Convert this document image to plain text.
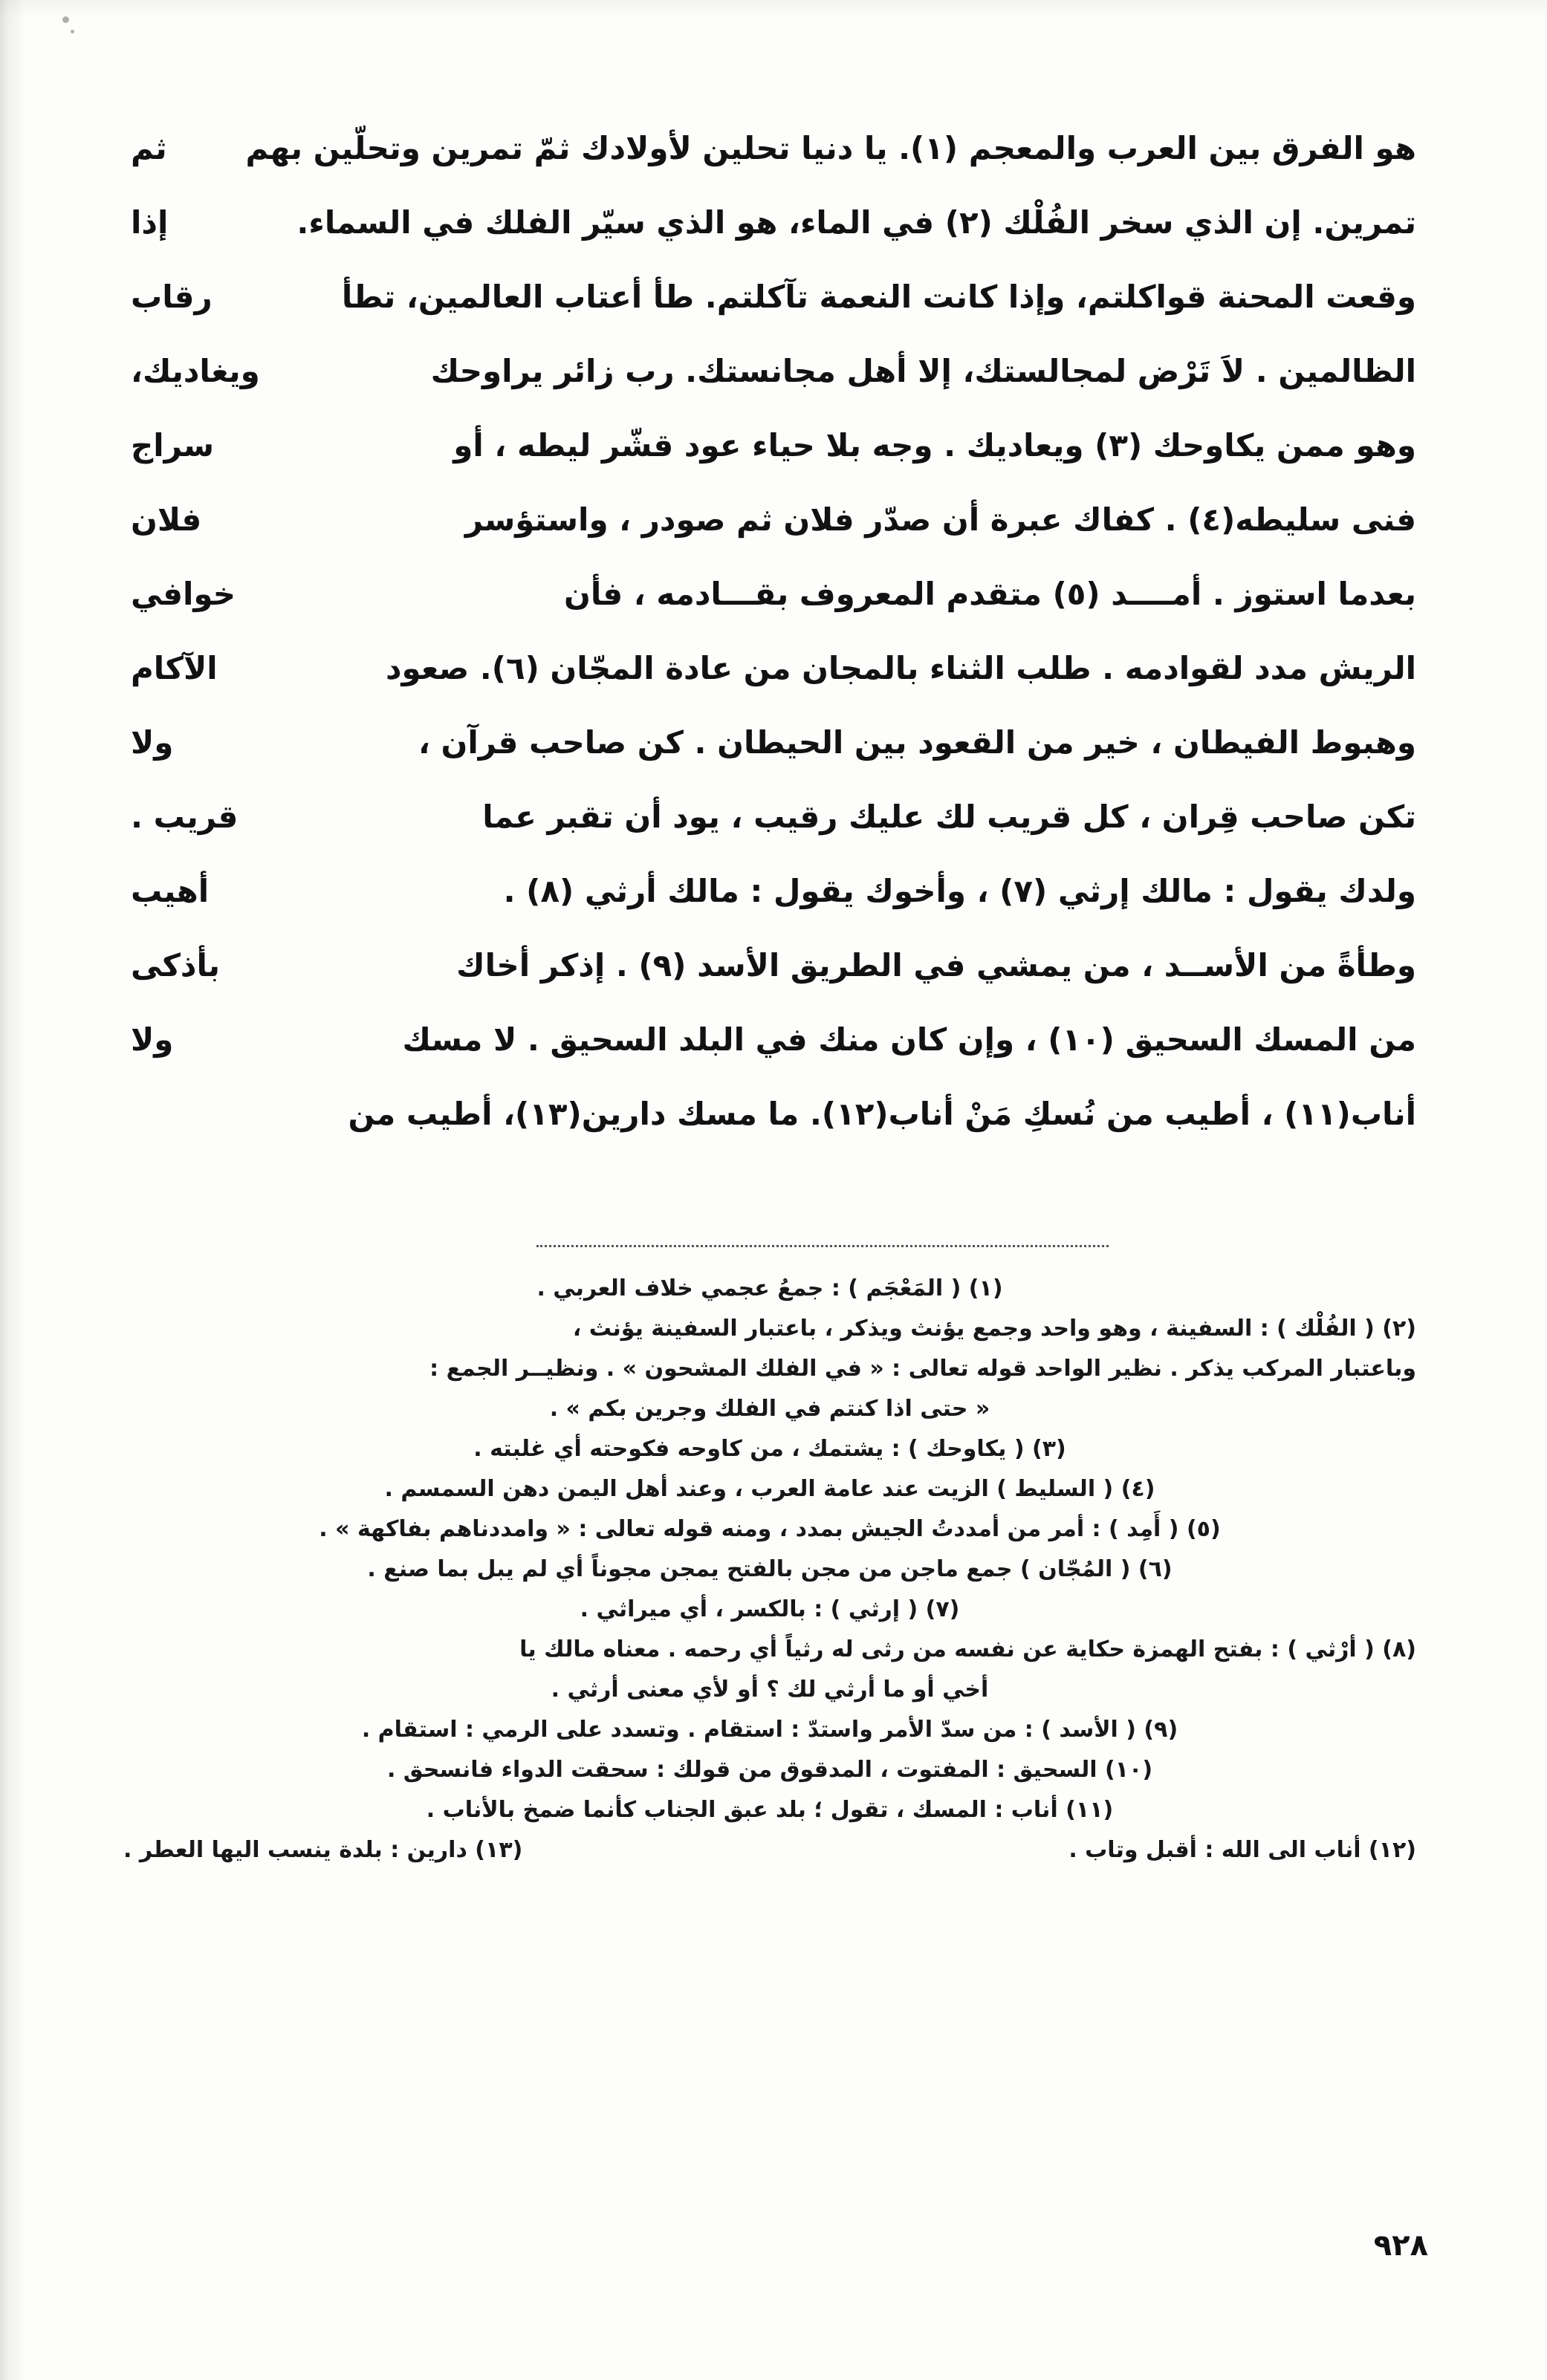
هو الفرق بين العرب والمعجم (١). يا دنيا تحلين لأولادك ثمّ تمرين وتحلّين بهم
ثم
تمرين. إن الذي سخر الفُلْك (٢) في الماء، هو الذي سيّر الفلك في السماء.
إذا
وقعت المحنة قواكلتم، وإذا كانت النعمة تآكلتم. طأ أعتاب العالمين، تطأ
رقاب
الظالمين . لاَ تَرْض لمجالستك، إلا أهل مجانستك. رب زائر يراوحك
ويغاديك،
وهو ممن يكاوحك (٣) ويعاديك . وجه بلا حياء عود قشّر ليطه ، أو
سراج
فنى سليطه(٤) . كفاك عبرة أن صدّر فلان ثم صودر ، واستؤسر
فلان
بعدما استوز . أمــــد (٥) متقدم المعروف بقـــادمه ، فأن
خوافي
الريش مدد لقوادمه . طلب الثناء بالمجان من عادة المجّان (٦). صعود
الآكام
وهبوط الفيطان ، خير من القعود بين الحيطان . كن صاحب قرآن ،
ولا
تكن صاحب قِران ، كل قريب لك عليك رقيب ، يود أن تقبر عما
قريب .
ولدك يقول : مالك إرثي (٧) ، وأخوك يقول : مالك أرثي (٨) .
أهيب
وطأةً من الأســد ، من يمشي في الطريق الأسد (٩) . إذكر أخاك
بأذكى
من المسك السحيق (١٠) ، وإن كان منك في البلد السحيق . لا مسك
ولا
أناب(١١) ، أطيب من نُسكِ مَنْ أناب(١٢). ما مسك دارين(١٣)، أطيب من
(١) ( المَعْجَم ) : جمعُ عجمي خلاف العربي .
(٢) ( الفُلْك ) : السفينة ، وهو واحد وجمع يؤنث ويذكر ، باعتبار السفينة يؤنث ،
وباعتبار المركب يذكر . نظير الواحد قوله تعالى : « في الفلك المشحون » . ونظيــر الجمع :
« حتى اذا كنتم في الفلك وجرين بكم » .
(٣) ( يكاوحك ) : يشتمك ، من كاوحه فكوحته أي غلبته .
(٤) ( السليط ) الزيت عند عامة العرب ، وعند أهل اليمن دهن السمسم .
(٥) ( أَمِد ) : أمر من أمددتُ الجيش بمدد ، ومنه قوله تعالى : « وامددناهم بفاكهة » .
(٦) ( المُجّان ) جمع ماجن من مجن بالفتح يمجن مجوناً أي لم يبل بما صنع .
(٧) ( إرثي ) : بالكسر ، أي ميراثي .
(٨) ( أرْثي ) : بفتح الهمزة حكاية عن نفسه من رثى له رثياً أي رحمه . معناه مالك يا
أخي أو ما أرثي لك ؟ أو لأي معنى أرثي .
(٩) ( الأسد ) : من سدّ الأمر واستدّ : استقام . وتسدد على الرمي : استقام .
(١٠) السحيق : المفتوت ، المدقوق من قولك : سحقت الدواء فانسحق .
(١١) أناب : المسك ، تقول ؛ بلد عبق الجناب كأنما ضمخ بالأناب .
(١٢) أناب الى الله : أقبل وتاب .
(١٣) دارين : بلدة ينسب اليها العطر .
٩٢٨
